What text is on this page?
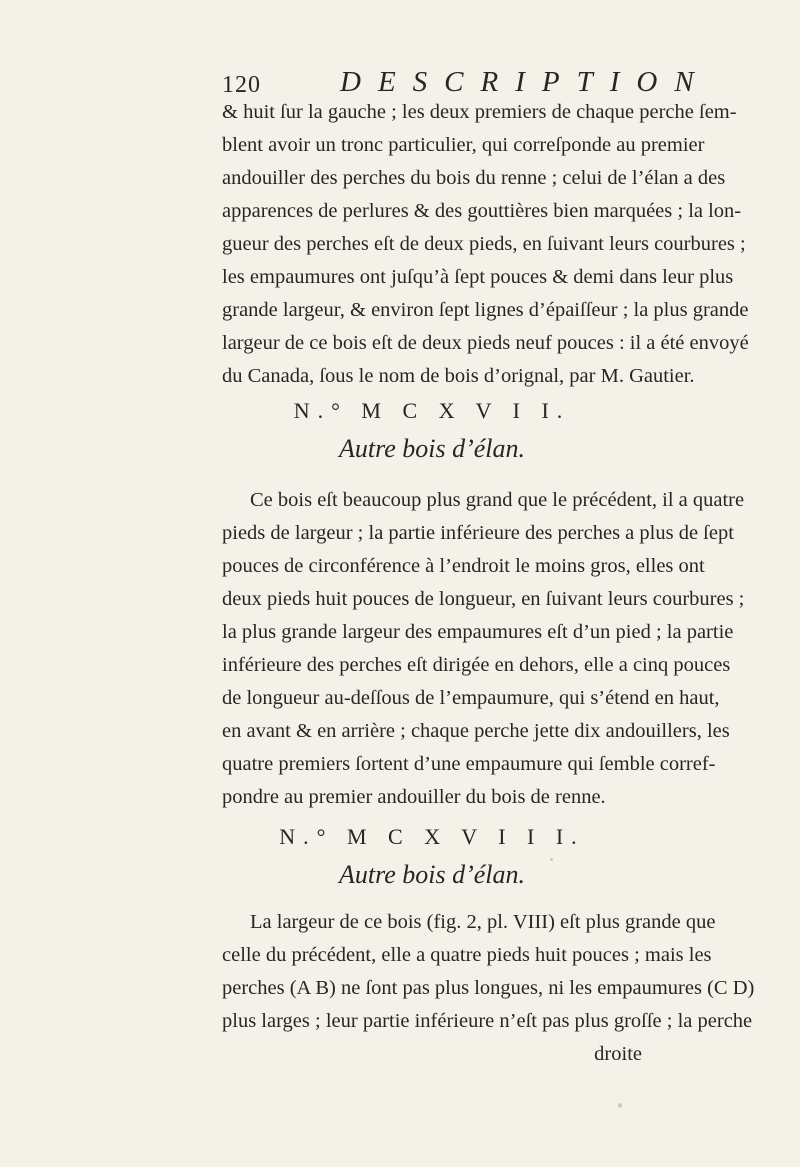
120	DESCRIPTION
& huit ſur la gauche ; les deux premiers de chaque perche ſem-
blent avoir un tronc particulier, qui correſponde au premier
andouiller des perches du bois du renne ; celui de l’élan a des
apparences de perlures & des gouttières bien marquées ; la lon-
gueur des perches eſt de deux pieds, en ſuivant leurs courbures ;
les empaumures ont juſqu’à ſept pouces & demi dans leur plus
grande largeur, & environ ſept lignes d’épaiſſeur ; la plus grande
largeur de ce bois eſt de deux pieds neuf pouces : il a été envoyé
du Canada, ſous le nom de bois d’orignal, par M. Gautier.
N.° M C X V I I.
Autre bois d’élan.
Ce bois eſt beaucoup plus grand que le précédent, il a quatre
pieds de largeur ; la partie inférieure des perches a plus de ſept
pouces de circonférence à l’endroit le moins gros, elles ont
deux pieds huit pouces de longueur, en ſuivant leurs courbures ;
la plus grande largeur des empaumures eſt d’un pied ; la partie
inférieure des perches eſt dirigée en dehors, elle a cinq pouces
de longueur au-deſſous de l’empaumure, qui s’étend en haut,
en avant & en arrière ; chaque perche jette dix andouillers, les
quatre premiers ſortent d’une empaumure qui ſemble corref-
pondre au premier andouiller du bois de renne.
N.° M C X V I I I.
Autre bois d’élan.
La largeur de ce bois (fig. 2, pl. VIII) eſt plus grande que
celle du précédent, elle a quatre pieds huit pouces ; mais les
perches (A B) ne ſont pas plus longues, ni les empaumures (C D)
plus larges ; leur partie inférieure n’eſt pas plus groſſe ; la perche
droite
